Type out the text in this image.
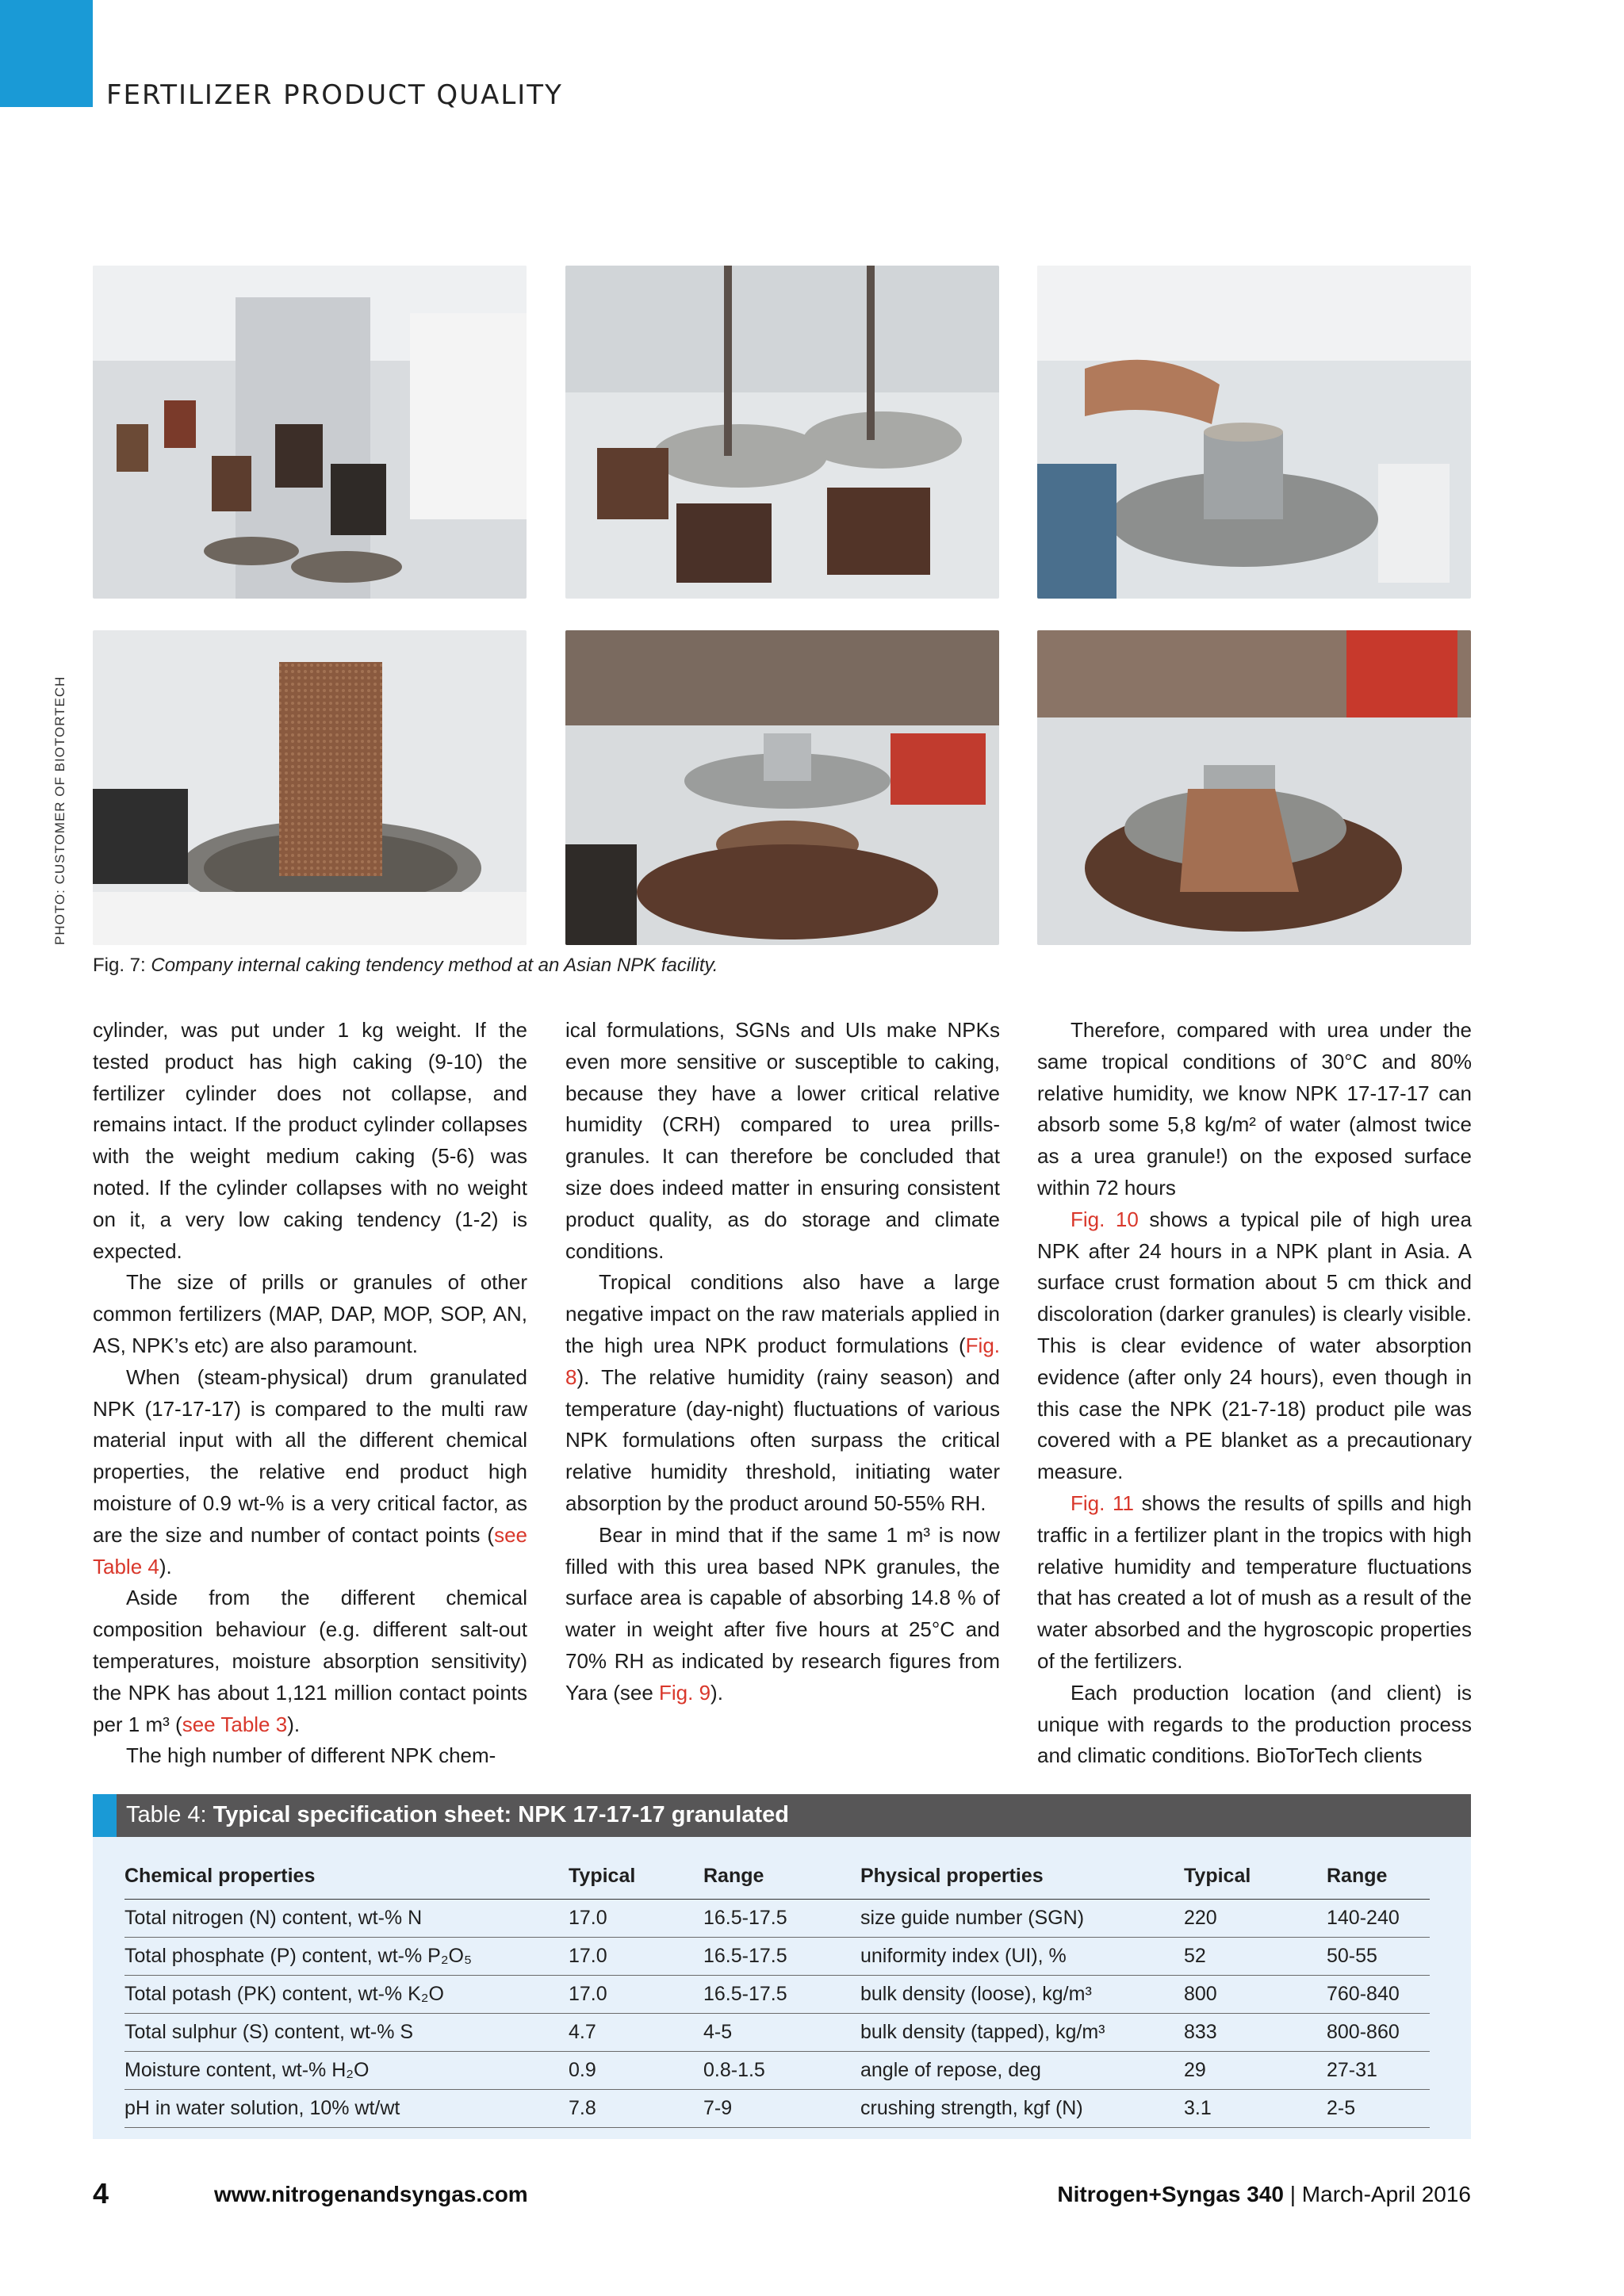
FERTILIZER PRODUCT QUALITY
PHOTO: CUSTOMER OF BIOTORTECH
Fig. 7: Company internal caking tendency method at an Asian NPK facility.

cylinder, was put under 1 kg weight. If the tested product has high caking (9-10) the fertilizer cylinder does not collapse, and remains intact. If the product cylinder collapses with the weight medium caking (5-6) was noted. If the cylinder collapses with no weight on it, a very low caking tendency (1-2) is expected.

The size of prills or granules of other common fertilizers (MAP, DAP, MOP, SOP, AN, AS, NPK’s etc) are also paramount.

When (steam-physical) drum granulated NPK (17-17-17) is compared to the multi raw material input with all the different chemical properties, the relative end product high moisture of 0.9 wt-% is a very critical factor, as are the size and number of contact points (see Table 4).

Aside from the different chemical composition behaviour (e.g. different salt-out temperatures, moisture absorption sensitivity) the NPK has about 1,121 million contact points per 1 m³ (see Table 3).

The high number of different NPK chem-

ical formulations, SGNs and UIs make NPKs even more sensitive or susceptible to caking, because they have a lower critical relative humidity (CRH) compared to urea prills-granules. It can therefore be concluded that size does indeed matter in ensuring consistent product quality, as do storage and climate conditions.

Tropical conditions also have a large negative impact on the raw materials applied in the high urea NPK product formulations (Fig. 8). The relative humidity (rainy season) and temperature (day-night) fluctuations of various NPK formulations often surpass the critical relative humidity threshold, initiating water absorption by the product around 50-55% RH.

Bear in mind that if the same 1 m³ is now filled with this urea based NPK granules, the surface area is capable of absorbing 14.8 % of water in weight after five hours at 25°C and 70% RH as indicated by research figures from Yara (see Fig. 9).

Therefore, compared with urea under the same tropical conditions of 30°C and 80% relative humidity, we know NPK 17-17-17 can absorb some 5,8 kg/m² of water (almost twice as a urea granule!) on the exposed surface within 72 hours

Fig. 10 shows a typical pile of high urea NPK after 24 hours in a NPK plant in Asia. A surface crust formation about 5 cm thick and discoloration (darker granules) is clearly visible. This is clear evidence of water absorption evidence (after only 24 hours), even though in this case the NPK (21-7-18) product pile was covered with a PE blanket as a precautionary measure.

Fig. 11 shows the results of spills and high traffic in a fertilizer plant in the tropics with high relative humidity and temperature fluctuations that has created a lot of mush as a result of the water absorbed and the hygroscopic properties of the fertilizers.

Each production location (and client) is unique with regards to the production process and climatic conditions. BioTorTech clients

Table 4: Typical specification sheet: NPK 17-17-17 granulated
Chemical properties	Typical	Range	Physical properties	Typical	Range
Total nitrogen (N) content, wt-% N	17.0	16.5-17.5	size guide number (SGN)	220	140-240
Total phosphate (P) content, wt-% P₂O₅	17.0	16.5-17.5	uniformity index (UI), %	52	50-55
Total potash (PK) content, wt-% K₂O	17.0	16.5-17.5	bulk density (loose), kg/m³	800	760-840
Total sulphur (S) content, wt-% S	4.7	4-5	bulk density (tapped), kg/m³	833	800-860
Moisture content, wt-% H₂O	0.9	0.8-1.5	angle of repose, deg	29	27-31
pH in water solution, 10% wt/wt	7.8	7-9	crushing strength, kgf (N)	3.1	2-5
4	www.nitrogenandsyngas.com	Nitrogen+Syngas 340 | March-April 2016
